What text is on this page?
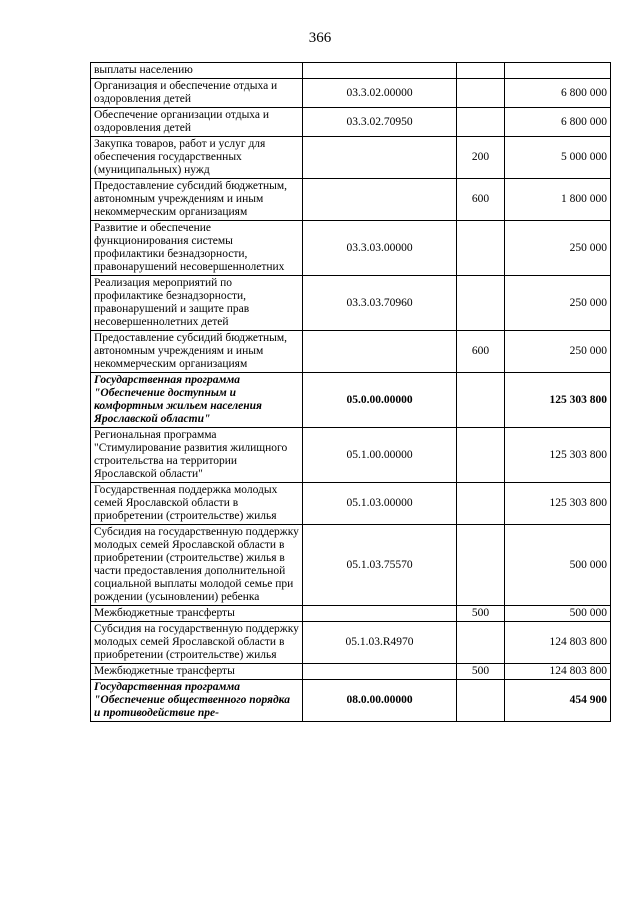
366
выплаты населению			
Организация и обеспечение отдыха и оздоровления детей	03.3.02.00000		6 800 000
Обеспечение организации отдыха и оздоровления детей	03.3.02.70950		6 800 000
Закупка товаров, работ и услуг для обеспечения государственных (муниципальных) нужд		200	5 000 000
Предоставление субсидий бюджетным, автономным учреждениям и иным некоммерческим организациям		600	1 800 000
Развитие и обеспечение функционирования системы профилактики безнадзорности, правонарушений несовершеннолетних	03.3.03.00000		250 000
Реализация мероприятий по профилактике безнадзорности, правонарушений и защите прав несовершеннолетних детей	03.3.03.70960		250 000
Предоставление субсидий бюджетным, автономным учреждениям и иным некоммерческим организациям		600	250 000
Государственная программа "Обеспечение доступным и комфортным жильем населения Ярославской области"	05.0.00.00000		125 303 800
Региональная программа "Стимулирование развития жилищного строительства на территории Ярославской области"	05.1.00.00000		125 303 800
Государственная поддержка молодых семей Ярославской области в приобретении (строительстве) жилья	05.1.03.00000		125 303 800
Субсидия на государственную поддержку молодых семей Ярославской области в приобретении (строительстве) жилья в части предоставления дополнительной социальной выплаты молодой семье при рождении (усыновлении) ребенка	05.1.03.75570		500 000
Межбюджетные трансферты		500	500 000
Субсидия на государственную поддержку молодых семей Ярославской области в приобретении (строительстве) жилья	05.1.03.R4970		124 803 800
Межбюджетные трансферты		500	124 803 800
Государственная программа "Обеспечение общественного порядка и противодействие пре-	08.0.00.00000		454 900
